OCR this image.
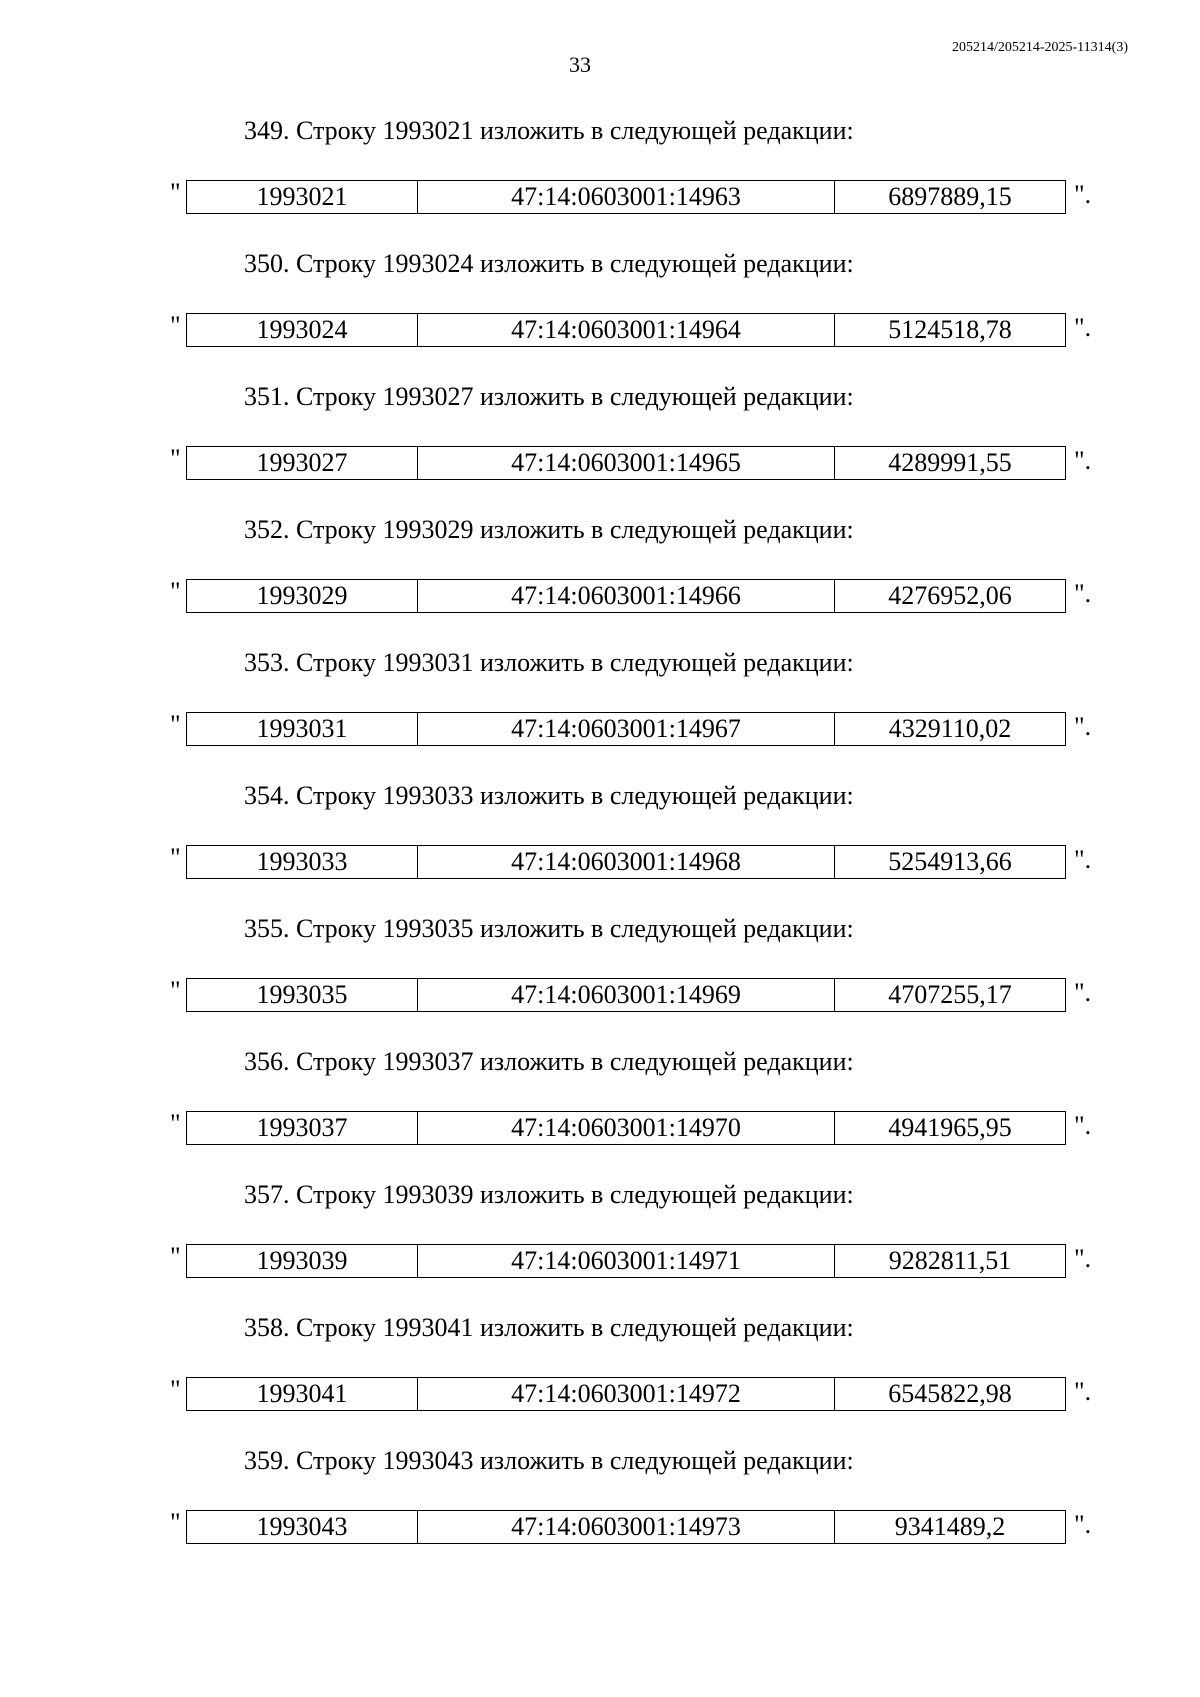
33
205214/205214-2025-11314(3)
349. Строку 1993021 изложить в следующей редакции:
"	1993021	47:14:0603001:14963	6897889,15 ".
350. Строку 1993024 изложить в следующей редакции:
"	1993024	47:14:0603001:14964	5124518,78 ".
351. Строку 1993027 изложить в следующей редакции:
"	1993027	47:14:0603001:14965	4289991,55 ".
352. Строку 1993029 изложить в следующей редакции:
"	1993029	47:14:0603001:14966	4276952,06 ".
353. Строку 1993031 изложить в следующей редакции:
"	1993031	47:14:0603001:14967	4329110,02 ".
354. Строку 1993033 изложить в следующей редакции:
"	1993033	47:14:0603001:14968	5254913,66 ".
355. Строку 1993035 изложить в следующей редакции:
"	1993035	47:14:0603001:14969	4707255,17 ".
356. Строку 1993037 изложить в следующей редакции:
"	1993037	47:14:0603001:14970	4941965,95 ".
357. Строку 1993039 изложить в следующей редакции:
"	1993039	47:14:0603001:14971	9282811,51 ".
358. Строку 1993041 изложить в следующей редакции:
"	1993041	47:14:0603001:14972	6545822,98 ".
359. Строку 1993043 изложить в следующей редакции:
"	1993043	47:14:0603001:14973	9341489,2	".
